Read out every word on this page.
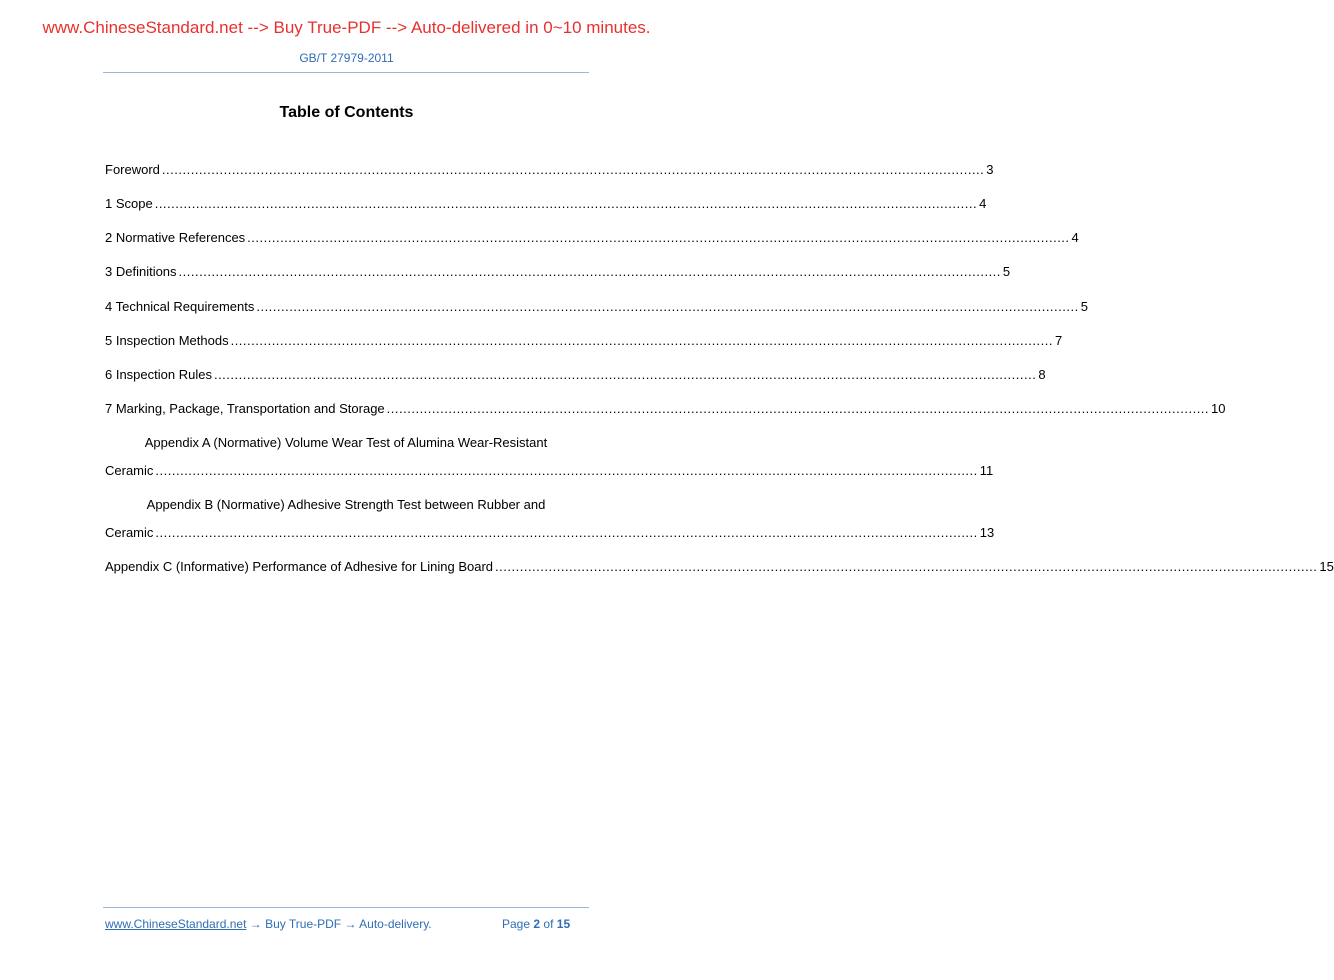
www.ChineseStandard.net --> Buy True-PDF --> Auto-delivered in 0~10 minutes.
GB/T 27979-2011
Table of Contents
Foreword ........................................................................................................................................................................................................ 3
1 Scope ........................................................................................................................................................................................................ 4
2 Normative References ........................................................................................................................................................................................................ 4
3 Definitions ........................................................................................................................................................................................................ 5
4 Technical Requirements ........................................................................................................................................................................................................ 5
5 Inspection Methods ........................................................................................................................................................................................................ 7
6 Inspection Rules ........................................................................................................................................................................................................ 8
7 Marking, Package, Transportation and Storage ........................................................................................................................................................................................................ 10
Appendix A (Normative) Volume Wear Test of Alumina Wear-Resistant
Ceramic ........................................................................................................................................................................................................ 11
Appendix B (Normative) Adhesive Strength Test between Rubber and
Ceramic ........................................................................................................................................................................................................ 13
Appendix C (Informative) Performance of Adhesive for Lining Board ........................................................................................................................................................................................................ 15
www.ChineseStandard.net → Buy True-PDF → Auto-delivery.	Page 2 of 15
